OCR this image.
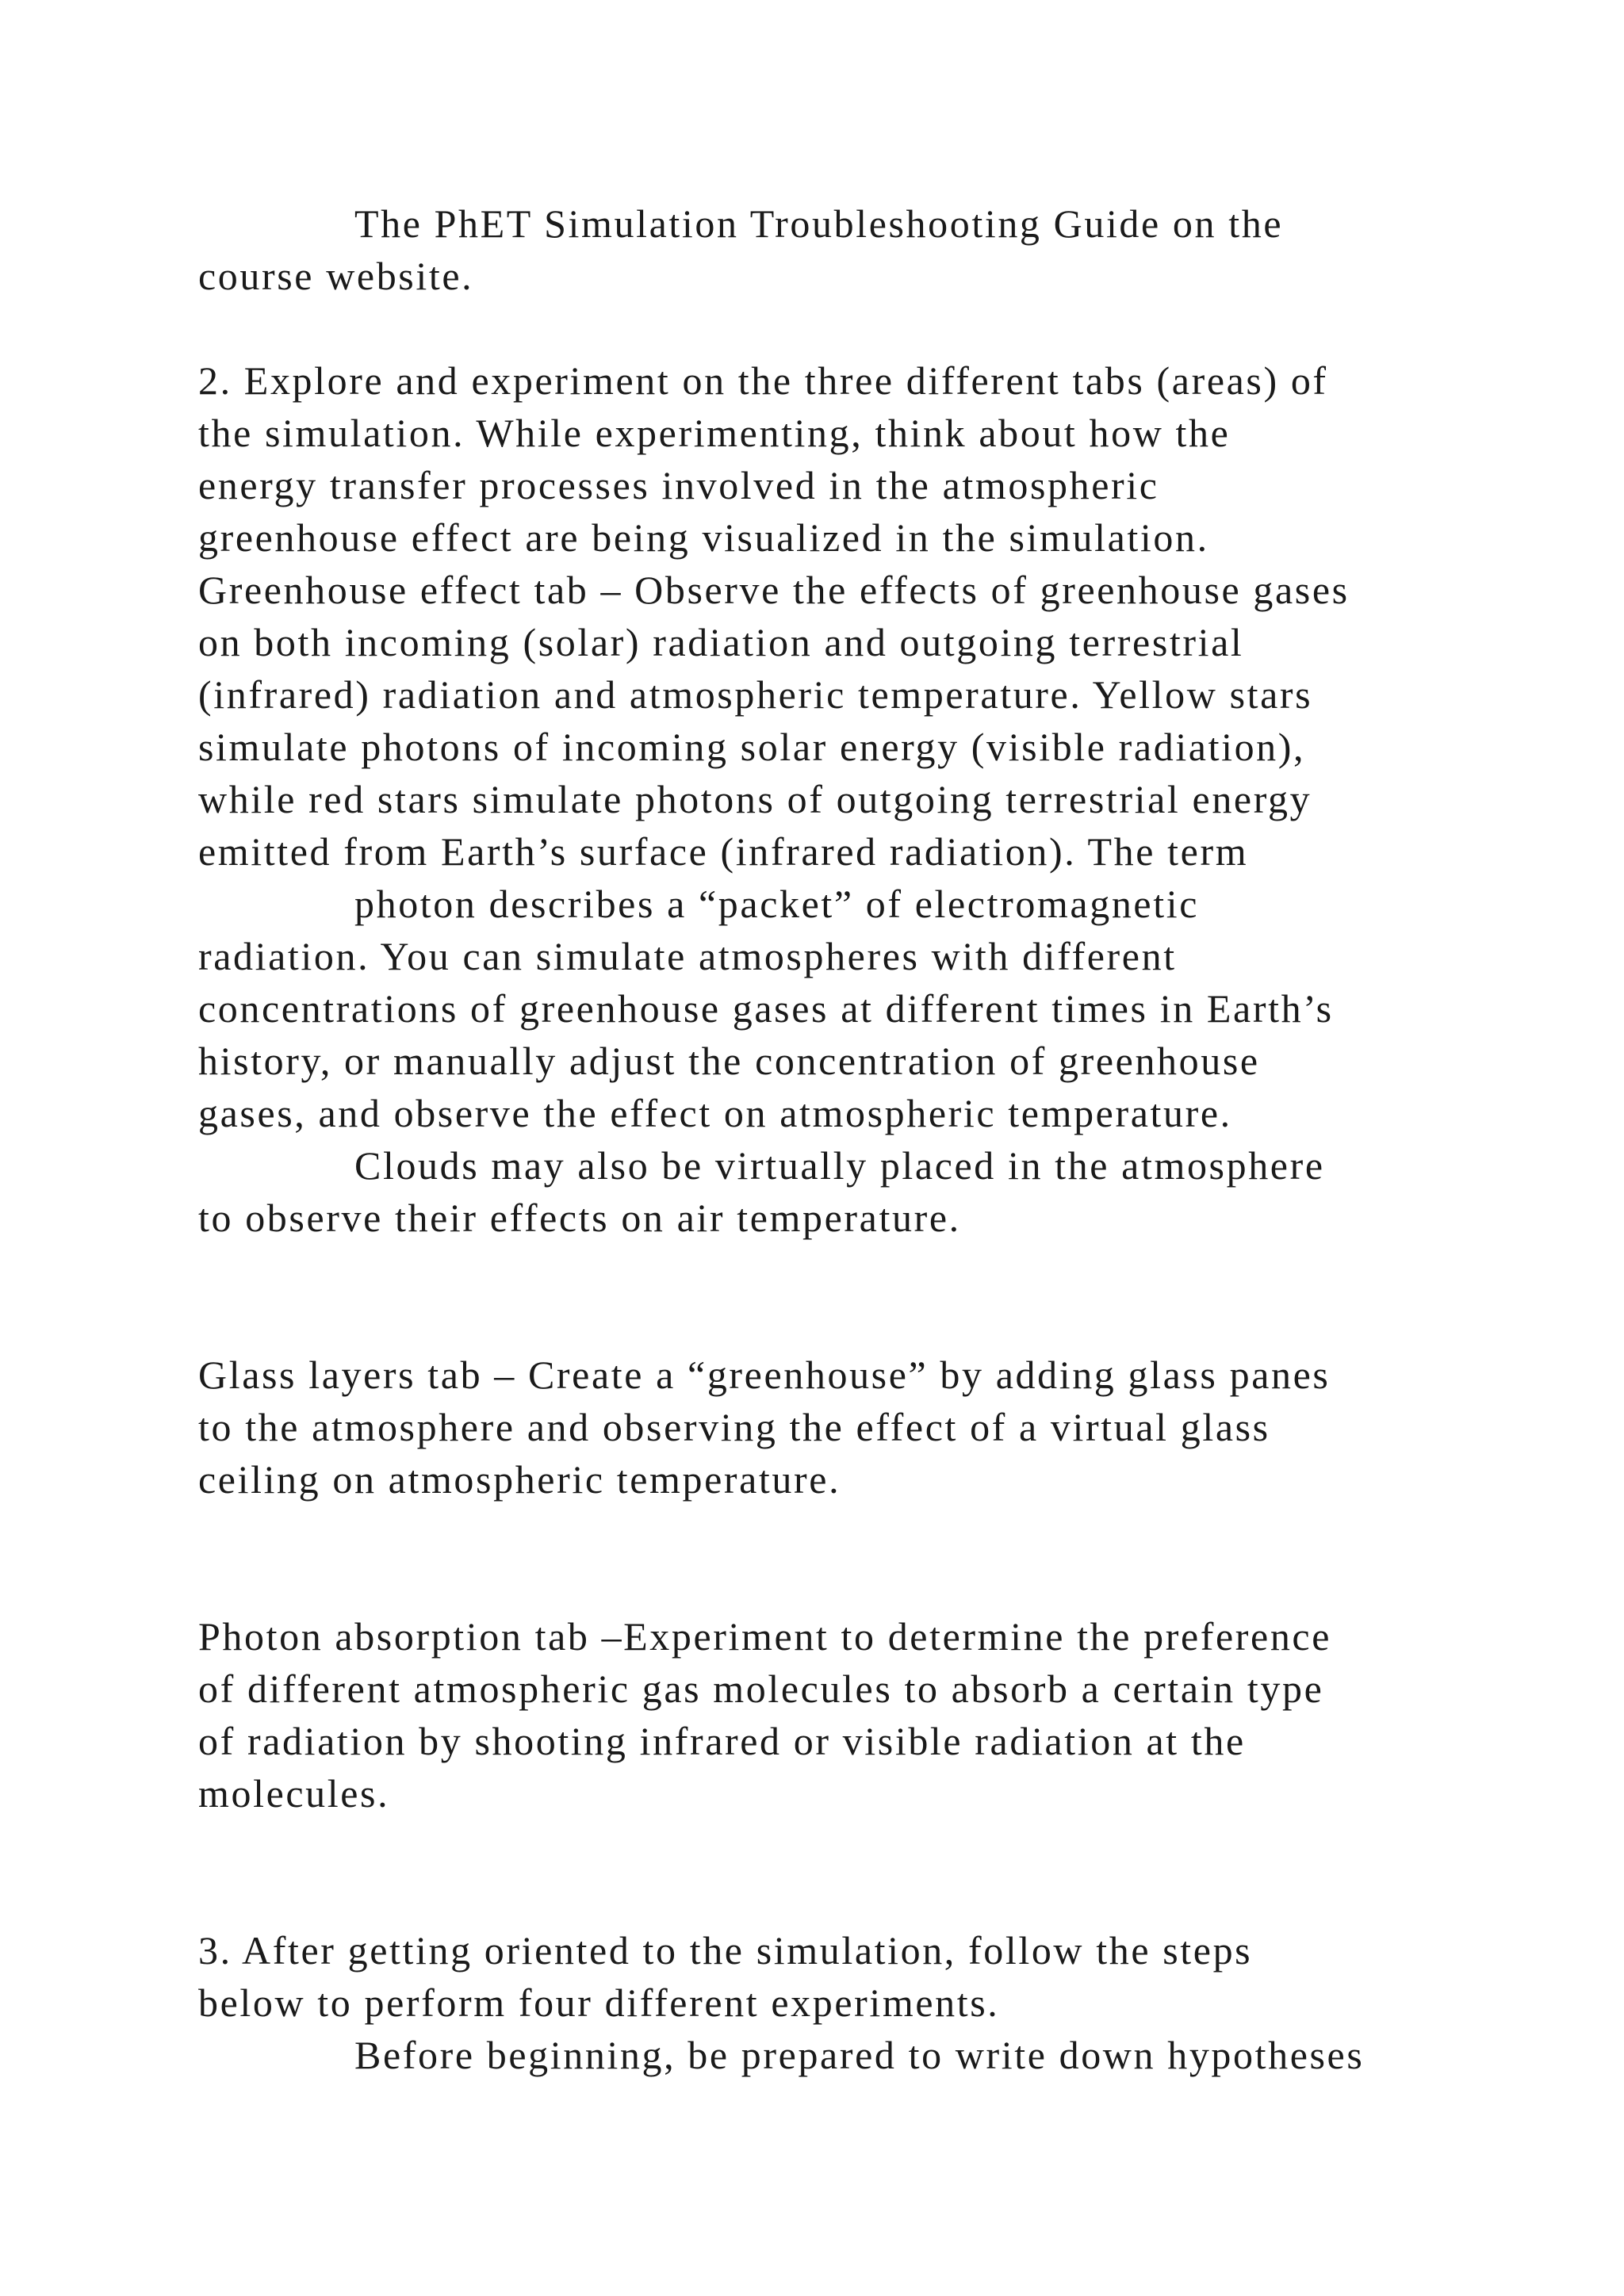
The PhET Simulation Troubleshooting Guide on the

course website.

2. Explore and experiment on the three different tabs (areas) of

the simulation. While experimenting, think about how the

energy transfer processes involved in the atmospheric

greenhouse effect are being visualized in the simulation.

Greenhouse effect tab – Observe the effects of greenhouse gases

on both incoming (solar) radiation and outgoing terrestrial

(infrared) radiation and atmospheric temperature. Yellow stars

simulate photons of incoming solar energy (visible radiation),

while red stars simulate photons of outgoing terrestrial energy

emitted from Earth’s surface (infrared radiation). The term

photon describes a “packet” of electromagnetic

radiation. You can simulate atmospheres with different

concentrations of greenhouse gases at different times in Earth’s

history, or manually adjust the concentration of greenhouse

gases, and observe the effect on atmospheric temperature.

Clouds may also be virtually placed in the atmosphere

to observe their effects on air temperature.

Glass layers tab – Create a “greenhouse” by adding glass panes

to the atmosphere and observing the effect of a virtual glass

ceiling on atmospheric temperature.

Photon absorption tab –Experiment to determine the preference

of different atmospheric gas molecules to absorb a certain type

of radiation by shooting infrared or visible radiation at the

molecules.

3. After getting oriented to the simulation, follow the steps

below to perform four different experiments.

Before beginning, be prepared to write down hypotheses
